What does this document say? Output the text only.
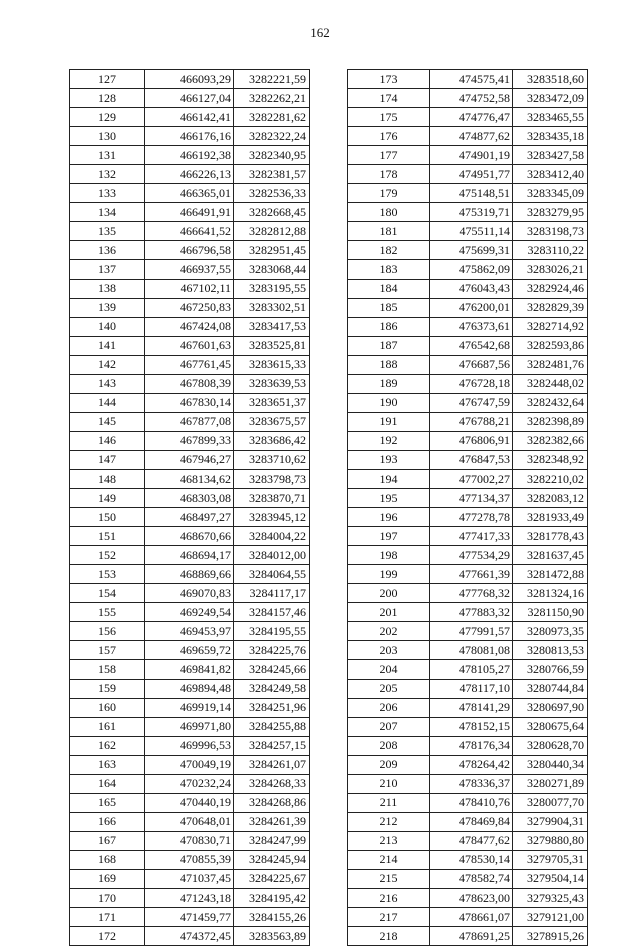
162
127	466093,29	3282221,59
128	466127,04	3282262,21
129	466142,41	3282281,62
130	466176,16	3282322,24
131	466192,38	3282340,95
132	466226,13	3282381,57
133	466365,01	3282536,33
134	466491,91	3282668,45
135	466641,52	3282812,88
136	466796,58	3282951,45
137	466937,55	3283068,44
138	467102,11	3283195,55
139	467250,83	3283302,51
140	467424,08	3283417,53
141	467601,63	3283525,81
142	467761,45	3283615,33
143	467808,39	3283639,53
144	467830,14	3283651,37
145	467877,08	3283675,57
146	467899,33	3283686,42
147	467946,27	3283710,62
148	468134,62	3283798,73
149	468303,08	3283870,71
150	468497,27	3283945,12
151	468670,66	3284004,22
152	468694,17	3284012,00
153	468869,66	3284064,55
154	469070,83	3284117,17
155	469249,54	3284157,46
156	469453,97	3284195,55
157	469659,72	3284225,76
158	469841,82	3284245,66
159	469894,48	3284249,58
160	469919,14	3284251,96
161	469971,80	3284255,88
162	469996,53	3284257,15
163	470049,19	3284261,07
164	470232,24	3284268,33
165	470440,19	3284268,86
166	470648,01	3284261,39
167	470830,71	3284247,99
168	470855,39	3284245,94
169	471037,45	3284225,67
170	471243,18	3284195,42
171	471459,77	3284155,26
172	474372,45	3283563,89
173	474575,41	3283518,60
174	474752,58	3283472,09
175	474776,47	3283465,55
176	474877,62	3283435,18
177	474901,19	3283427,58
178	474951,77	3283412,40
179	475148,51	3283345,09
180	475319,71	3283279,95
181	475511,14	3283198,73
182	475699,31	3283110,22
183	475862,09	3283026,21
184	476043,43	3282924,46
185	476200,01	3282829,39
186	476373,61	3282714,92
187	476542,68	3282593,86
188	476687,56	3282481,76
189	476728,18	3282448,02
190	476747,59	3282432,64
191	476788,21	3282398,89
192	476806,91	3282382,66
193	476847,53	3282348,92
194	477002,27	3282210,02
195	477134,37	3282083,12
196	477278,78	3281933,49
197	477417,33	3281778,43
198	477534,29	3281637,45
199	477661,39	3281472,88
200	477768,32	3281324,16
201	477883,32	3281150,90
202	477991,57	3280973,35
203	478081,08	3280813,53
204	478105,27	3280766,59
205	478117,10	3280744,84
206	478141,29	3280697,90
207	478152,15	3280675,64
208	478176,34	3280628,70
209	478264,42	3280440,34
210	478336,37	3280271,89
211	478410,76	3280077,70
212	478469,84	3279904,31
213	478477,62	3279880,80
214	478530,14	3279705,31
215	478582,74	3279504,14
216	478623,00	3279325,43
217	478661,07	3279121,00
218	478691,25	3278915,26
